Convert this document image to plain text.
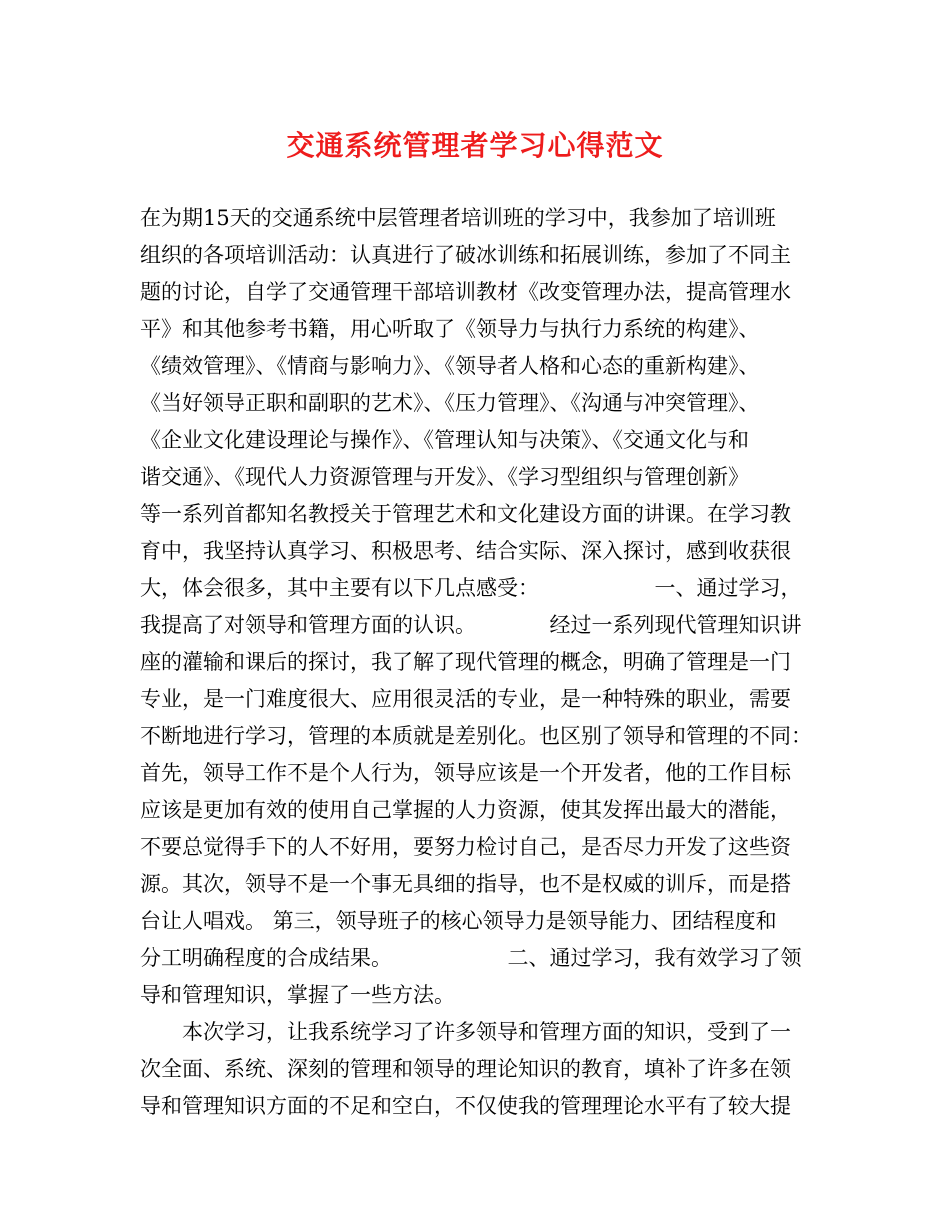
交通系统管理者学习心得范文
在为期15天的交通系统中层管理者培训班的学习中，我参加了培训班
组织的各项培训活动：认真进行了破冰训练和拓展训练，参加了不同主
题的讨论，自学了交通管理干部培训教材《改变管理办法，提高管理水
平》和其他参考书籍，用心听取了《领导力与执行力系统的构建》、
《绩效管理》、《情商与影响力》、《领导者人格和心态的重新构建》、
《当好领导正职和副职的艺术》、《压力管理》、《沟通与冲突管理》、
《企业文化建设理论与操作》、《管理认知与决策》、《交通文化与和
谐交通》、《现代人力资源管理与开发》、《学习型组织与管理创新》
等一系列首都知名教授关于管理艺术和文化建设方面的讲课。在学习教
育中，我坚持认真学习、积极思考、结合实际、深入探讨，感到收获很
大，体会很多，其中主要有以下几点感受：　　　　　　一、通过学习，
我提高了对领导和管理方面的认识。　　　　经过一系列现代管理知识讲
座的灌输和课后的探讨，我了解了现代管理的概念，明确了管理是一门
专业，是一门难度很大、应用很灵活的专业，是一种特殊的职业，需要
不断地进行学习，管理的本质就是差别化。也区别了领导和管理的不同：
首先，领导工作不是个人行为，领导应该是一个开发者，他的工作目标
应该是更加有效的使用自己掌握的人力资源，使其发挥出最大的潜能，
不要总觉得手下的人不好用，要努力检讨自己，是否尽力开发了这些资
源。其次，领导不是一个事无具细的指导，也不是权威的训斥，而是搭
台让人唱戏。 第三，领导班子的核心领导力是领导能力、团结程度和
分工明确程度的合成结果。　　　　　　二、通过学习，我有效学习了领
导和管理知识，掌握了一些方法。
　　本次学习，让我系统学习了许多领导和管理方面的知识，受到了一
次全面、系统、深刻的管理和领导的理论知识的教育，填补了许多在领
导和管理知识方面的不足和空白，不仅使我的管理理论水平有了较大提
